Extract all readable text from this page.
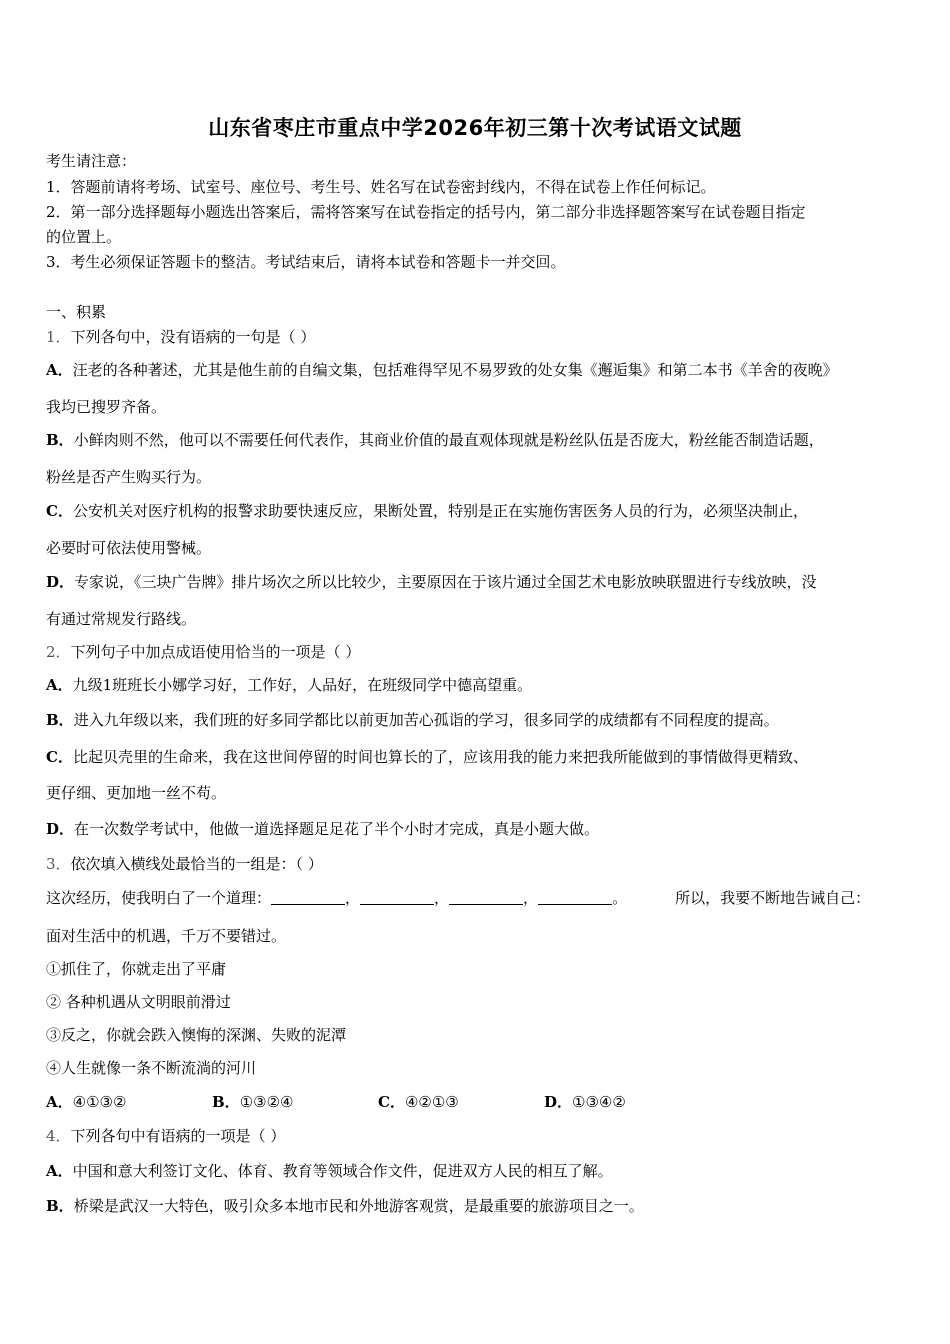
山东省枣庄市重点中学2026年初三第十次考试语文试题
考生请注意：
1．答题前请将考场、试室号、座位号、考生号、姓名写在试卷密封线内，不得在试卷上作任何标记。
2．第一部分选择题每小题选出答案后，需将答案写在试卷指定的括号内，第二部分非选择题答案写在试卷题目指定
的位置上。
3．考生必须保证答题卡的整洁。考试结束后，请将本试卷和答题卡一并交回。
一、积累
1．下列各句中，没有语病的一句是（ ）
A．汪老的各种著述，尤其是他生前的自编文集，包括难得罕见不易罗致的处女集《邂逅集》和第二本书《羊舍的夜晚》
我均已搜罗齐备。
B．小鲜肉则不然，他可以不需要任何代表作，其商业价值的最直观体现就是粉丝队伍是否庞大，粉丝能否制造话题，
粉丝是否产生购买行为。
C．公安机关对医疗机构的报警求助要快速反应，果断处置，特别是正在实施伤害医务人员的行为，必须坚决制止，
必要时可依法使用警械。
D．专家说，《三块广告牌》排片场次之所以比较少，主要原因在于该片通过全国艺术电影放映联盟进行专线放映，没
有通过常规发行路线。
2．下列句子中加点成语使用恰当的一项是（ ）
A．九级1班班长小娜学习好，工作好，人品好，在班级同学中德高望重。
B．进入九年级以来，我们班的好多同学都比以前更加苦心孤诣的学习，很多同学的成绩都有不同程度的提高。
C．比起贝壳里的生命来，我在这世间停留的时间也算长的了，应该用我的能力来把我所能做到的事情做得更精致、
更仔细、更加地一丝不苟。
D．在一次数学考试中，他做一道选择题足足花了半个小时才完成，真是小题大做。
3．依次填入横线处最恰当的一组是：（ ）
这次经历，使我明白了一个道理：	，	，	，	。	所以，我要不断地告诫自己：
面对生活中的机遇，千万不要错过。
①抓住了，你就走出了平庸
② 各种机遇从文明眼前滑过
③反之，你就会跌入懊悔的深渊、失败的泥潭
④人生就像一条不断流淌的河川
A．④①③②	B．①③②④	C．④②①③	D．①③④②
4．下列各句中有语病的一项是（ ）
A．中国和意大利签订文化、体育、教育等领域合作文件，促进双方人民的相互了解。
B．桥梁是武汉一大特色，吸引众多本地市民和外地游客观赏，是最重要的旅游项目之一。
